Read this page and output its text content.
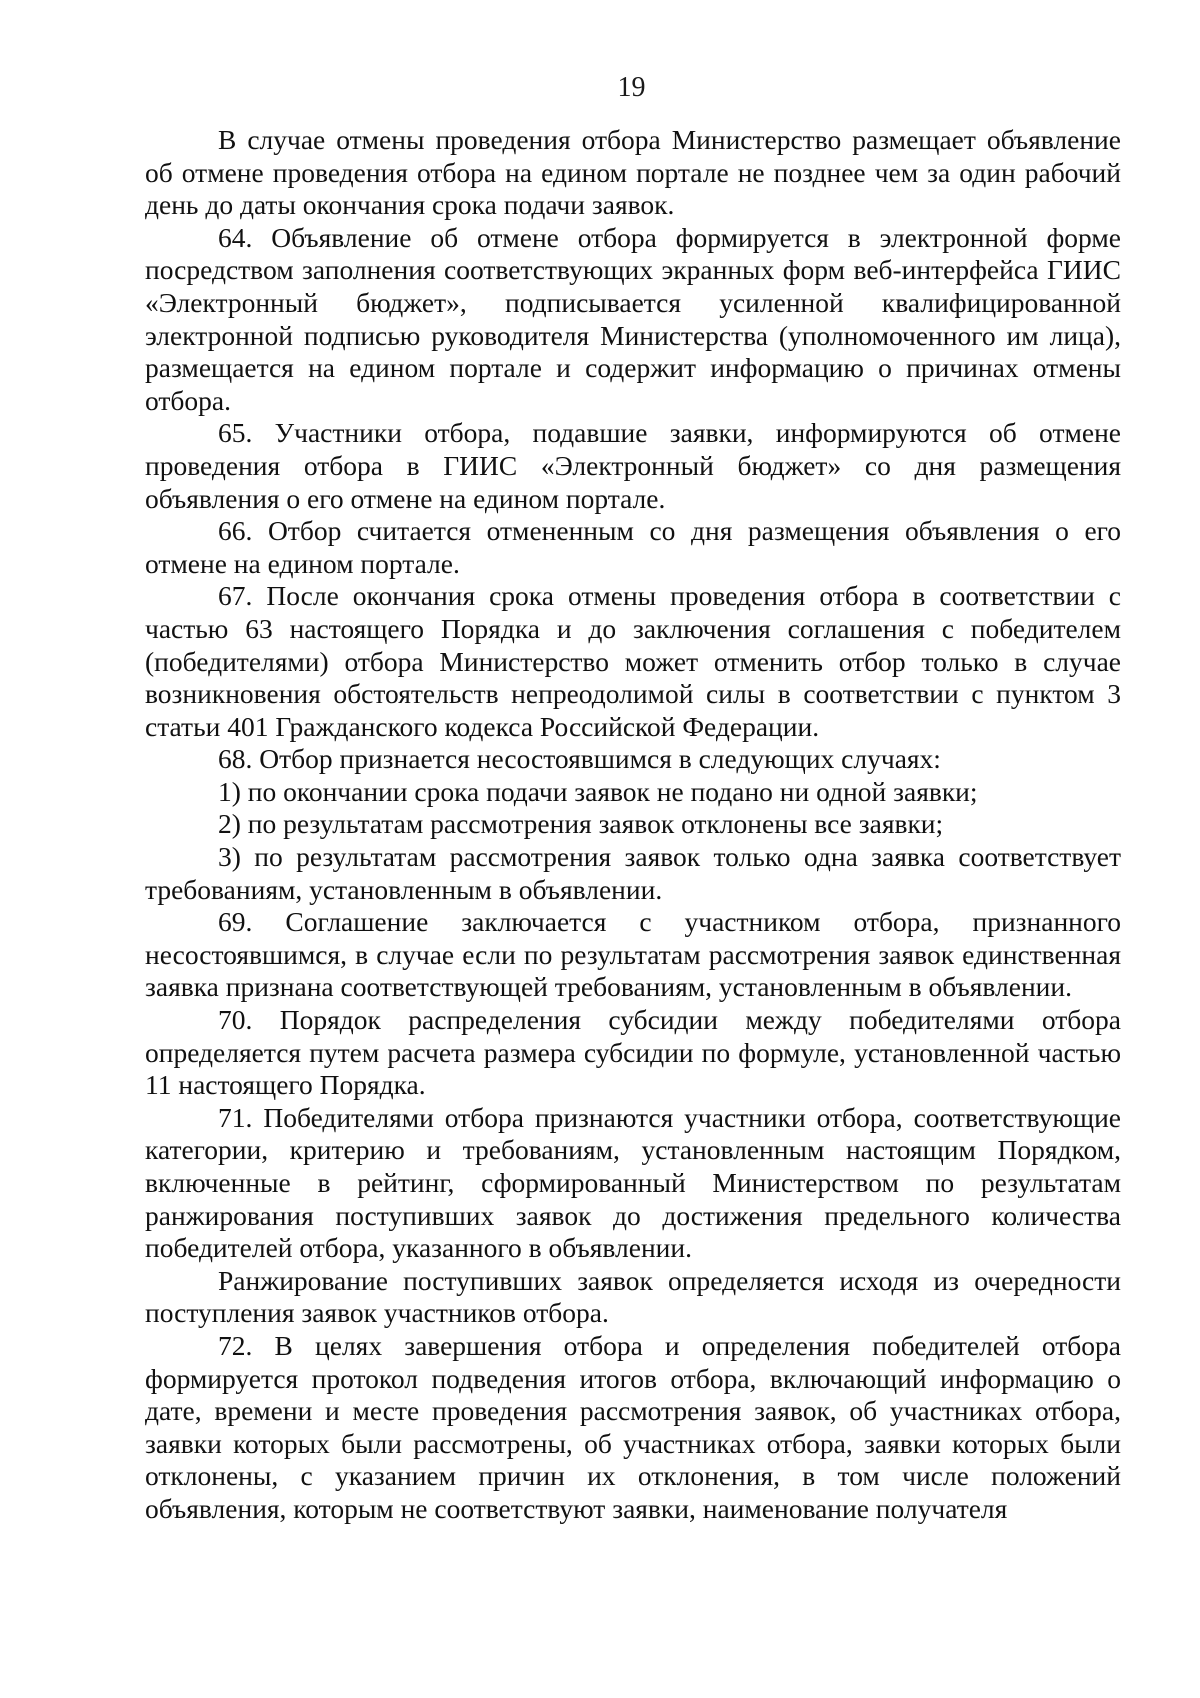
19

В случае отмены проведения отбора Министерство размещает объявление об отмене проведения отбора на едином портале не позднее чем за один рабочий день до даты окончания срока подачи заявок.

64. Объявление об отмене отбора формируется в электронной форме посредством заполнения соответствующих экранных форм веб-интерфейса ГИИС «Электронный бюджет», подписывается усиленной квалифицированной электронной подписью руководителя Министерства (уполномоченного им лица), размещается на едином портале и содержит информацию о причинах отмены отбора.

65. Участники отбора, подавшие заявки, информируются об отмене проведения отбора в ГИИС «Электронный бюджет» со дня размещения объявления о его отмене на едином портале.

66. Отбор считается отмененным со дня размещения объявления о его отмене на едином портале.

67. После окончания срока отмены проведения отбора в соответствии с частью 63 настоящего Порядка и до заключения соглашения с победителем (победителями) отбора Министерство может отменить отбор только в случае возникновения обстоятельств непреодолимой силы в соответствии с пунктом 3 статьи 401 Гражданского кодекса Российской Федерации.

68. Отбор признается несостоявшимся в следующих случаях:

1) по окончании срока подачи заявок не подано ни одной заявки;

2) по результатам рассмотрения заявок отклонены все заявки;

3) по результатам рассмотрения заявок только одна заявка соответствует требованиям, установленным в объявлении.

69. Соглашение заключается с участником отбора, признанного несостоявшимся, в случае если по результатам рассмотрения заявок единственная заявка признана соответствующей требованиям, установленным в объявлении.

70. Порядок распределения субсидии между победителями отбора определяется путем расчета размера субсидии по формуле, установленной частью 11 настоящего Порядка.

71. Победителями отбора признаются участники отбора, соответствующие категории, критерию и требованиям, установленным настоящим Порядком, включенные в рейтинг, сформированный Министерством по результатам ранжирования поступивших заявок до достижения предельного количества победителей отбора, указанного в объявлении.

Ранжирование поступивших заявок определяется исходя из очередности поступления заявок участников отбора.

72. В целях завершения отбора и определения победителей отбора формируется протокол подведения итогов отбора, включающий информацию о дате, времени и месте проведения рассмотрения заявок, об участниках отбора, заявки которых были рассмотрены, об участниках отбора, заявки которых были отклонены, с указанием причин их отклонения, в том числе положений объявления, которым не соответствуют заявки, наименование получателя
